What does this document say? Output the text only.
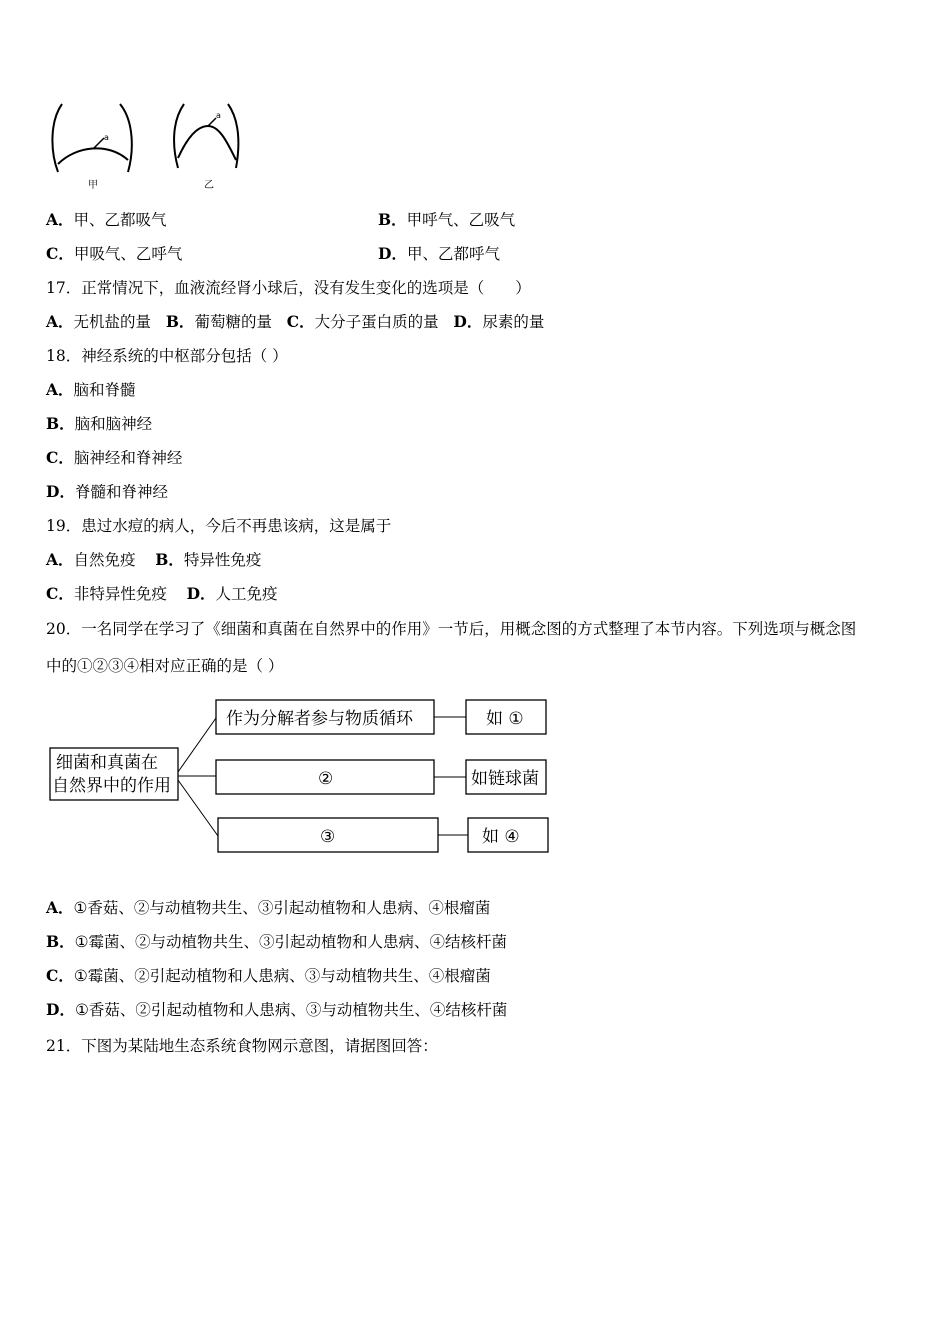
a
甲
a
乙
A．甲、乙都吸气	B．甲呼气、乙吸气
C．甲吸气、乙呼气	D．甲、乙都呼气
17．正常情况下，血液流经肾小球后，没有发生变化的选项是（　　）
A．无机盐的量 B．葡萄糖的量 C．大分子蛋白质的量 D．尿素的量
18．神经系统的中枢部分包括（ ）
A．脑和脊髓
B．脑和脑神经
C．脑神经和脊神经
D．脊髓和脊神经
19．患过水痘的病人，今后不再患该病，这是属于
A．自然免疫 B．特异性免疫
C．非特异性免疫 D．人工免疫
20．一名同学在学习了《细菌和真菌在自然界中的作用》一节后，用概念图的方式整理了本节内容。下列选项与概念图
中的①②③④相对应正确的是（ ）
细菌和真菌在
自然界中的作用
作为分解者参与物质循环	如 ①
②	如链球菌
③	如 ④
A．①香菇、②与动植物共生、③引起动植物和人患病、④根瘤菌
B．①霉菌、②与动植物共生、③引起动植物和人患病、④结核杆菌
C．①霉菌、②引起动植物和人患病、③与动植物共生、④根瘤菌
D．①香菇、②引起动植物和人患病、③与动植物共生、④结核杆菌
21．下图为某陆地生态系统食物网示意图，请据图回答：
